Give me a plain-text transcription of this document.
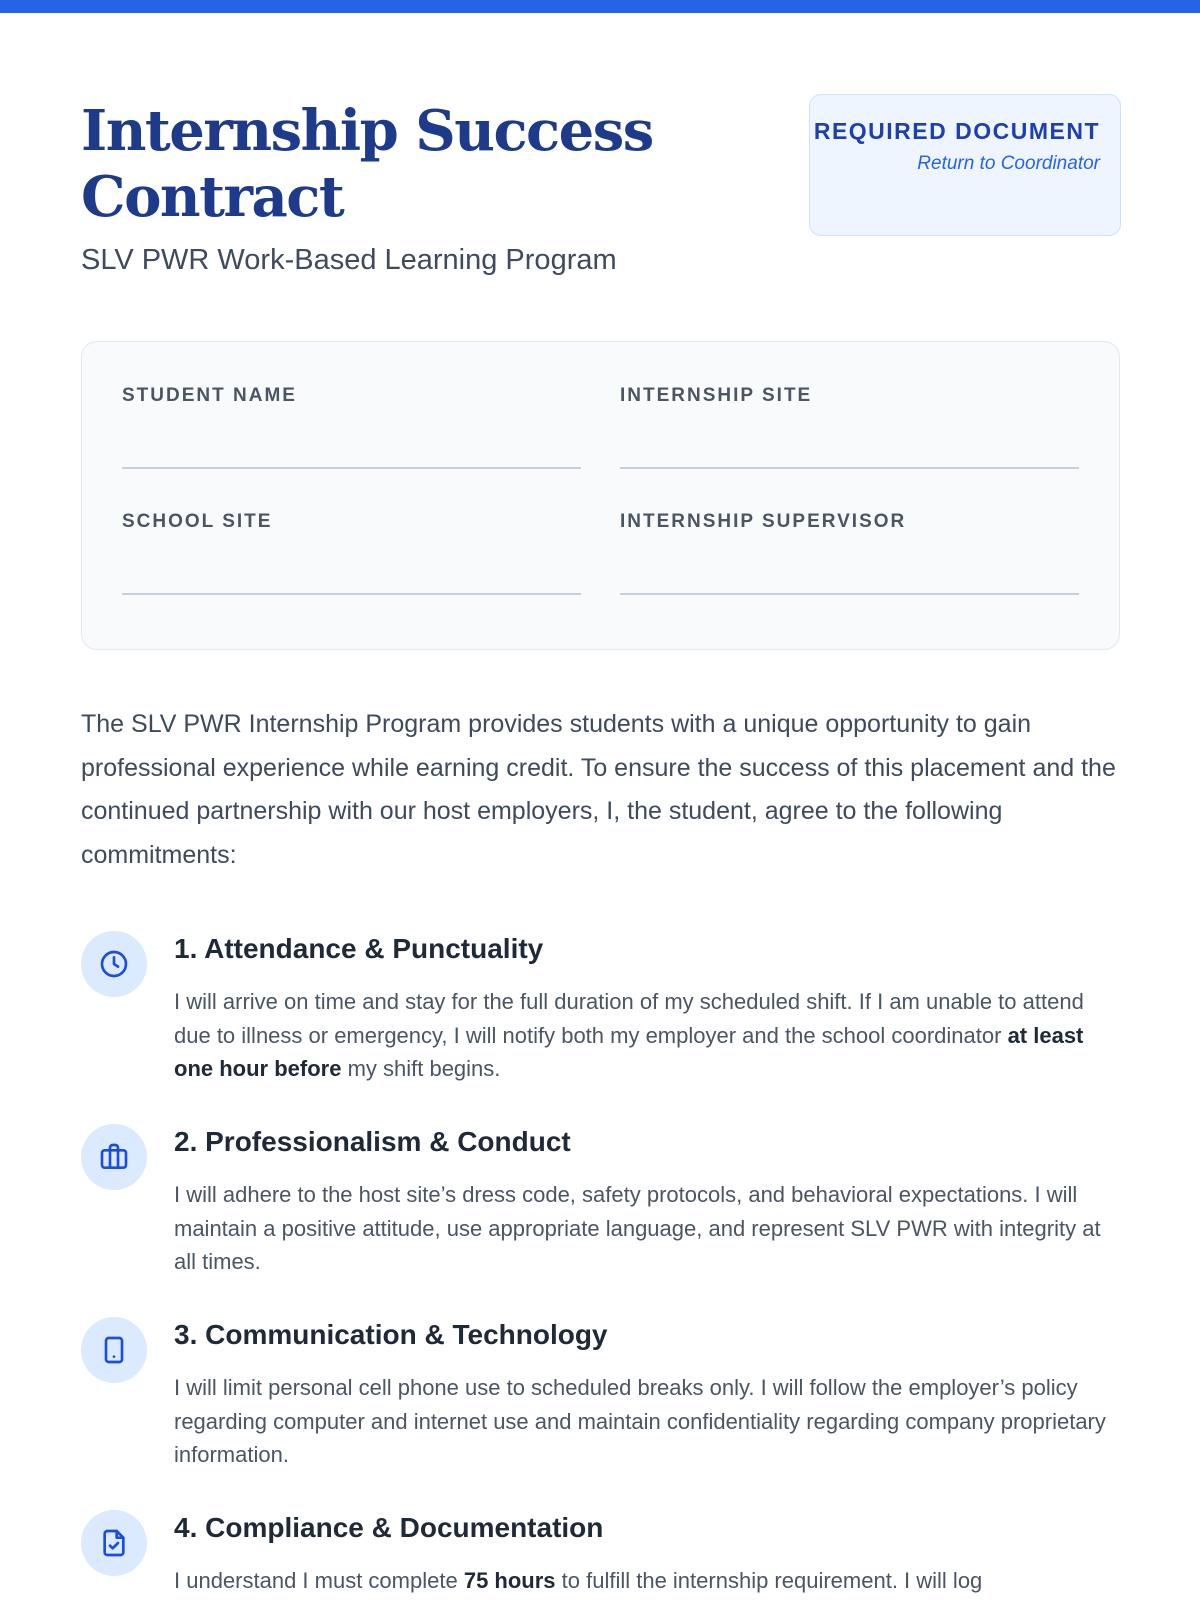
Internship Success Contract
SLV PWR Work-Based Learning Program
REQUIRED DOCUMENT
Return to Coordinator
STUDENT NAME	INTERNSHIP SITE
SCHOOL SITE	INTERNSHIP SUPERVISOR

The SLV PWR Internship Program provides students with a unique opportunity to gain professional experience while earning credit. To ensure the success of this placement and the continued partnership with our host employers, I, the student, agree to the following commitments:

1. Attendance & Punctuality
I will arrive on time and stay for the full duration of my scheduled shift. If I am unable to attend due to illness or emergency, I will notify both my employer and the school coordinator at least one hour before my shift begins.
2. Professionalism & Conduct
I will adhere to the host site’s dress code, safety protocols, and behavioral expectations. I will maintain a positive attitude, use appropriate language, and represent SLV PWR with integrity at all times.
3. Communication & Technology
I will limit personal cell phone use to scheduled breaks only. I will follow the employer’s policy regarding computer and internet use and maintain confidentiality regarding company proprietary information.
4. Compliance & Documentation
I understand I must complete 75 hours to fulfill the internship requirement. I will log
